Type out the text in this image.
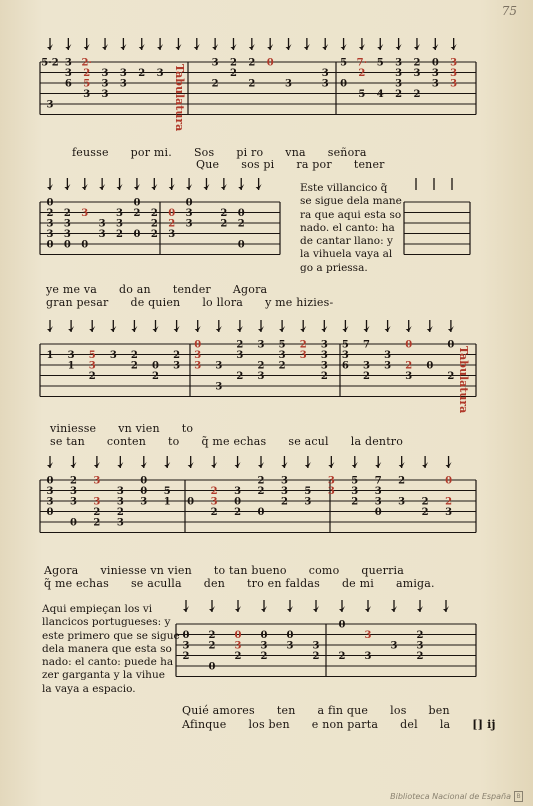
75
5·2 3 2·	3 2 2 0	5 7· 5 3 2 0 3
3 2 3 3 2 3	2	3	2	3 3 3 3
6 5 3 3	2	2	3	3 0	3	3 3
3 3	5 4 2 2
3	Tabulatura
feusse por mi. Sos pi ro vna señora
Que sos pi ra por tener
0	0	0
2 2 3	3 2 2 0 3	2 0
3 3	3 3	2 2 3	2 2
3 3	3 2 0 2 3
0 0 0	0
Este villancico q̃
se sigue dela mane
ra que aqui esta so
nado. el canto: ha
de cantar llano: y
la vihuela vaya al
go a priessa.
ye me va do an tender Agora
gran pesar de quien lo llora y me hizies-
0	2 3 5 2 3 5 7	0	0
1 3 5 3 2	2 3	3	3 3 3 3	3
1 3	2 0 3 3 3	2 2	3 6 3 3 2 0
2	2	2 3	2	2	3	2
3	Tabulatura
viniesse vn vien to
se tan conten to q̃ me echas se acul la dentro
0 2 3	0	2 3	3 5 7 2	0
3 3	3 0 5	2 3 2 3 5 3 3 3
3 3 3 3 3 1 0 3 0	2 3	2 3 3 2 2
0	2 2	2 2 0	0	2 3
0 2 3
Agora viniesse vn vien to tan bueno como querria
q̃ me echas se aculla den tro en faldas de mi amiga.
Aqui empieçan los vi
llancicos portugueses: y
este primero que se sigue
dela manera que esta so
nado: el canto: puede ha
zer garganta y la vihue
la vaya a espacio.
0
0 2 0 0 0	3	2
3 2 3 3 3 3	3 3
2	2 2	2 2 3	2
0
Quié amores ten a fin que los ben
Afinque los ben e non parta del la [] ij
Biblioteca Nacional de España B
